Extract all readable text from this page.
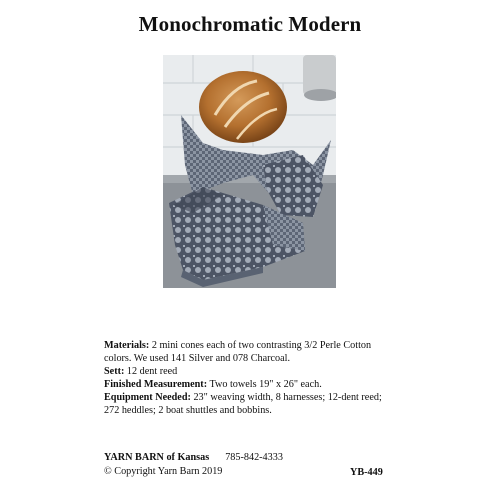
Monochromatic Modern

Materials: 2 mini cones each of two contrasting 3/2 Perle Cotton colors. We used 141 Silver and 078 Charcoal.

Sett: 12 dent reed

Finished Measurement: Two towels 19" x 26" each.

Equipment Needed: 23" weaving width, 8 harnesses; 12-dent reed; 272 heddles; 2 boat shuttles and bobbins.

YARN BARN of Kansas 785-842-4333
© Copyright Yarn Barn 2019	YB-449
